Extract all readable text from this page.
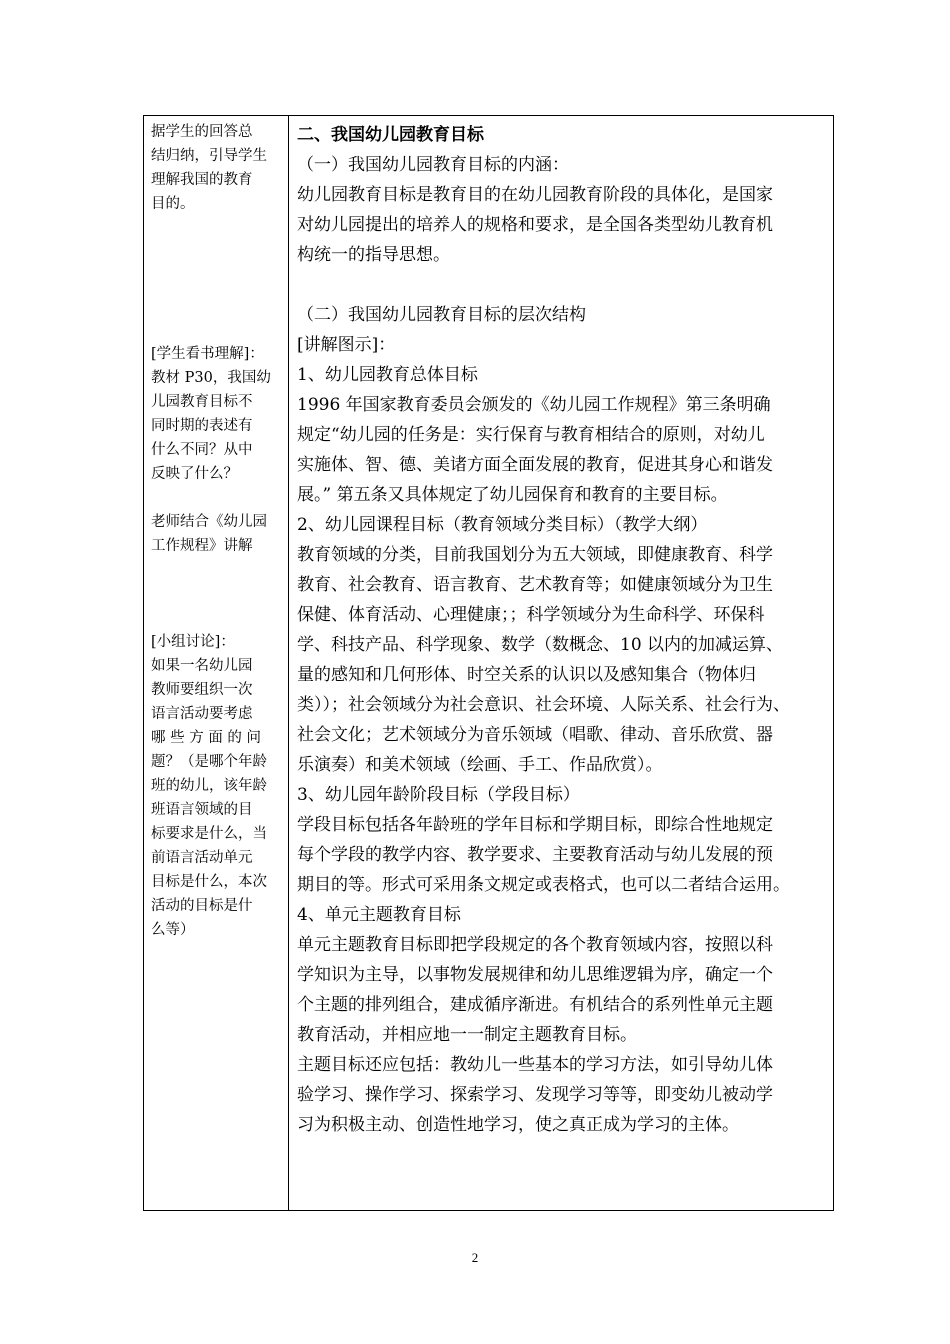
据学生的回答总

结归纳，引导学生

理解我国的教育

目的。

[学生看书理解]：

教材 P30，我国幼

儿园教育目标不

同时期的表述有

什么不同？从中

反映了什么？

老师结合《幼儿园

工作规程》讲解

[小组讨论]：

如果一名幼儿园

教师要组织一次

语言活动要考虑

哪 些 方 面 的 问

题？（是哪个年龄

班的幼儿，该年龄

班语言领域的目

标要求是什么，当

前语言活动单元

目标是什么，本次

活动的目标是什

么等）

二、我国幼儿园教育目标

（一）我国幼儿园教育目标的内涵：

幼儿园教育目标是教育目的在幼儿园教育阶段的具体化，是国家

对幼儿园提出的培养人的规格和要求，是全国各类型幼儿教育机

构统一的指导思想。

（二）我国幼儿园教育目标的层次结构

[讲解图示]：

1、幼儿园教育总体目标

1996 年国家教育委员会颁发的《幼儿园工作规程》第三条明确

规定“幼儿园的任务是：实行保育与教育相结合的原则，对幼儿

实施体、智、德、美诸方面全面发展的教育，促进其身心和谐发

展。” 第五条又具体规定了幼儿园保育和教育的主要目标。

2、幼儿园课程目标（教育领域分类目标）（教学大纲）

教育领域的分类，目前我国划分为五大领域，即健康教育、科学

教育、社会教育、语言教育、艺术教育等；如健康领域分为卫生

保健、体育活动、心理健康；；科学领域分为生命科学、环保科

学、科技产品、科学现象、数学（数概念、10 以内的加减运算、

量的感知和几何形体、时空关系的认识以及感知集合（物体归

类））；社会领域分为社会意识、社会环境、人际关系、社会行为、

社会文化；艺术领域分为音乐领域（唱歌、律动、音乐欣赏、器

乐演奏）和美术领域（绘画、手工、作品欣赏）。

3、幼儿园年龄阶段目标（学段目标）

学段目标包括各年龄班的学年目标和学期目标，即综合性地规定

每个学段的教学内容、教学要求、主要教育活动与幼儿发展的预

期目的等。形式可采用条文规定或表格式，也可以二者结合运用。

4、单元主题教育目标

单元主题教育目标即把学段规定的各个教育领域内容，按照以科

学知识为主导，以事物发展规律和幼儿思维逻辑为序，确定一个

个主题的排列组合，建成循序渐进。有机结合的系列性单元主题

教育活动，并相应地一一制定主题教育目标。

主题目标还应包括：教幼儿一些基本的学习方法，如引导幼儿体

验学习、操作学习、探索学习、发现学习等等，即变幼儿被动学

习为积极主动、创造性地学习，使之真正成为学习的主体。

2
